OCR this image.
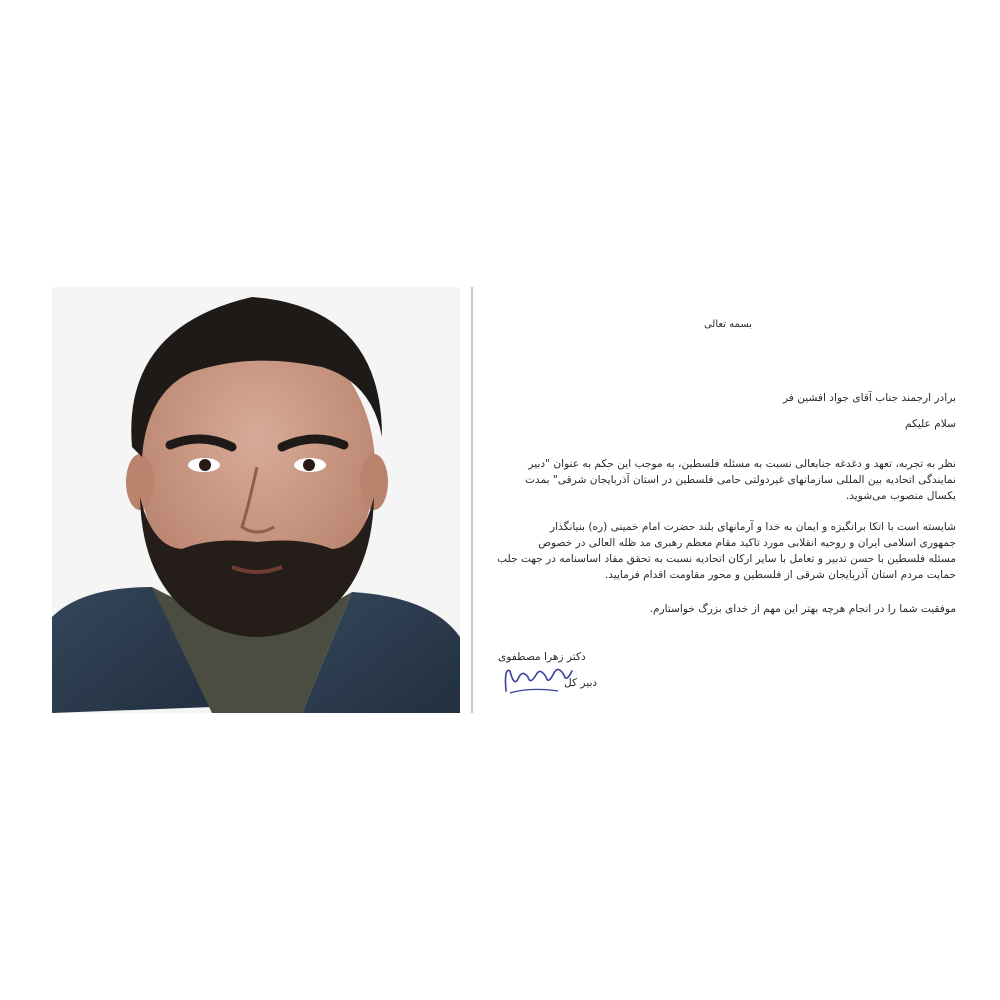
بسمه تعالی
برادر ارجمند جناب آقای جواد افشین فر
سلام علیکم
نظر به تجربه، تعهد و دغدغه جنابعالی نسبت به مسئله فلسطین، به موجب این حکم به عنوان "دبیر
نمایندگی اتحادیه بین المللی سازمانهای غیردولتی حامی فلسطین در استان آذربایجان شرقی" بمدت
یکسال منصوب می‌شوید.
شایسته است با اتکا برانگیزه و ایمان به خدا و آرمانهای بلند حضرت امام خمینی (ره) بنیانگذار
جمهوری اسلامی ایران و روحیه انقلابی مورد تاکید مقام معظم رهبری مد ظله العالی در خصوص
مسئله فلسطین با حسن تدبیر و تعامل با سایر ارکان اتحادیه نسبت به تحقق مفاد اساسنامه در جهت جلب
حمایت مردم استان آذربایجان شرقی از فلسطین و محور مقاومت اقدام فرمایید.
موفقیت شما را در انجام هرچه بهتر این مهم از خدای بزرگ خواستارم.
دکتر زهرا مصطفوی
دبیر کل
